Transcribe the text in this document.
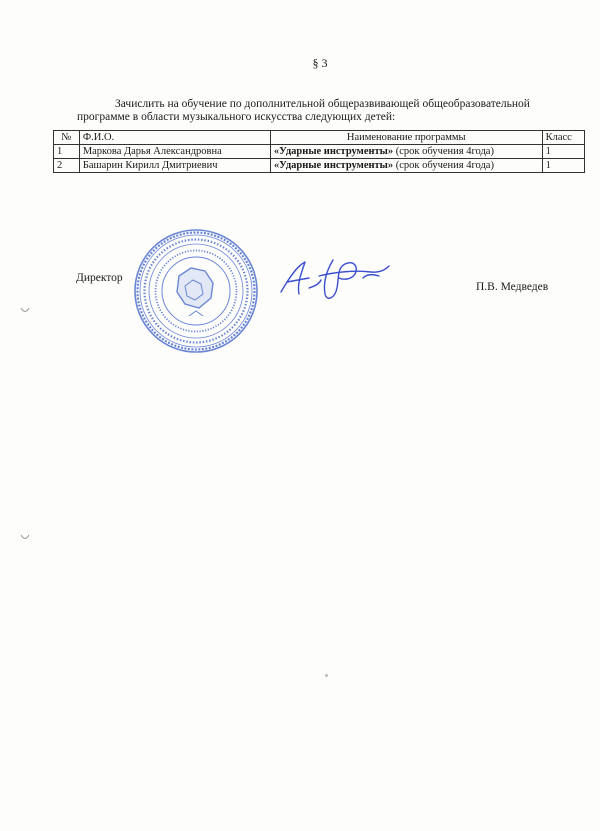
§ 3
Зачислить на обучение по дополнительной общеразвивающей общеобразовательной программе в области музыкального искусства следующих детей:
№	Ф.И.О.	Наименование программы	Класс
1	Маркова Дарья Александровна	«Ударные инструменты» (срок обучения 4года)	1
2	Башарин Кирилл Дмитриевич	«Ударные инструменты» (срок обучения 4года)	1
Директор
П.В. Медведев
